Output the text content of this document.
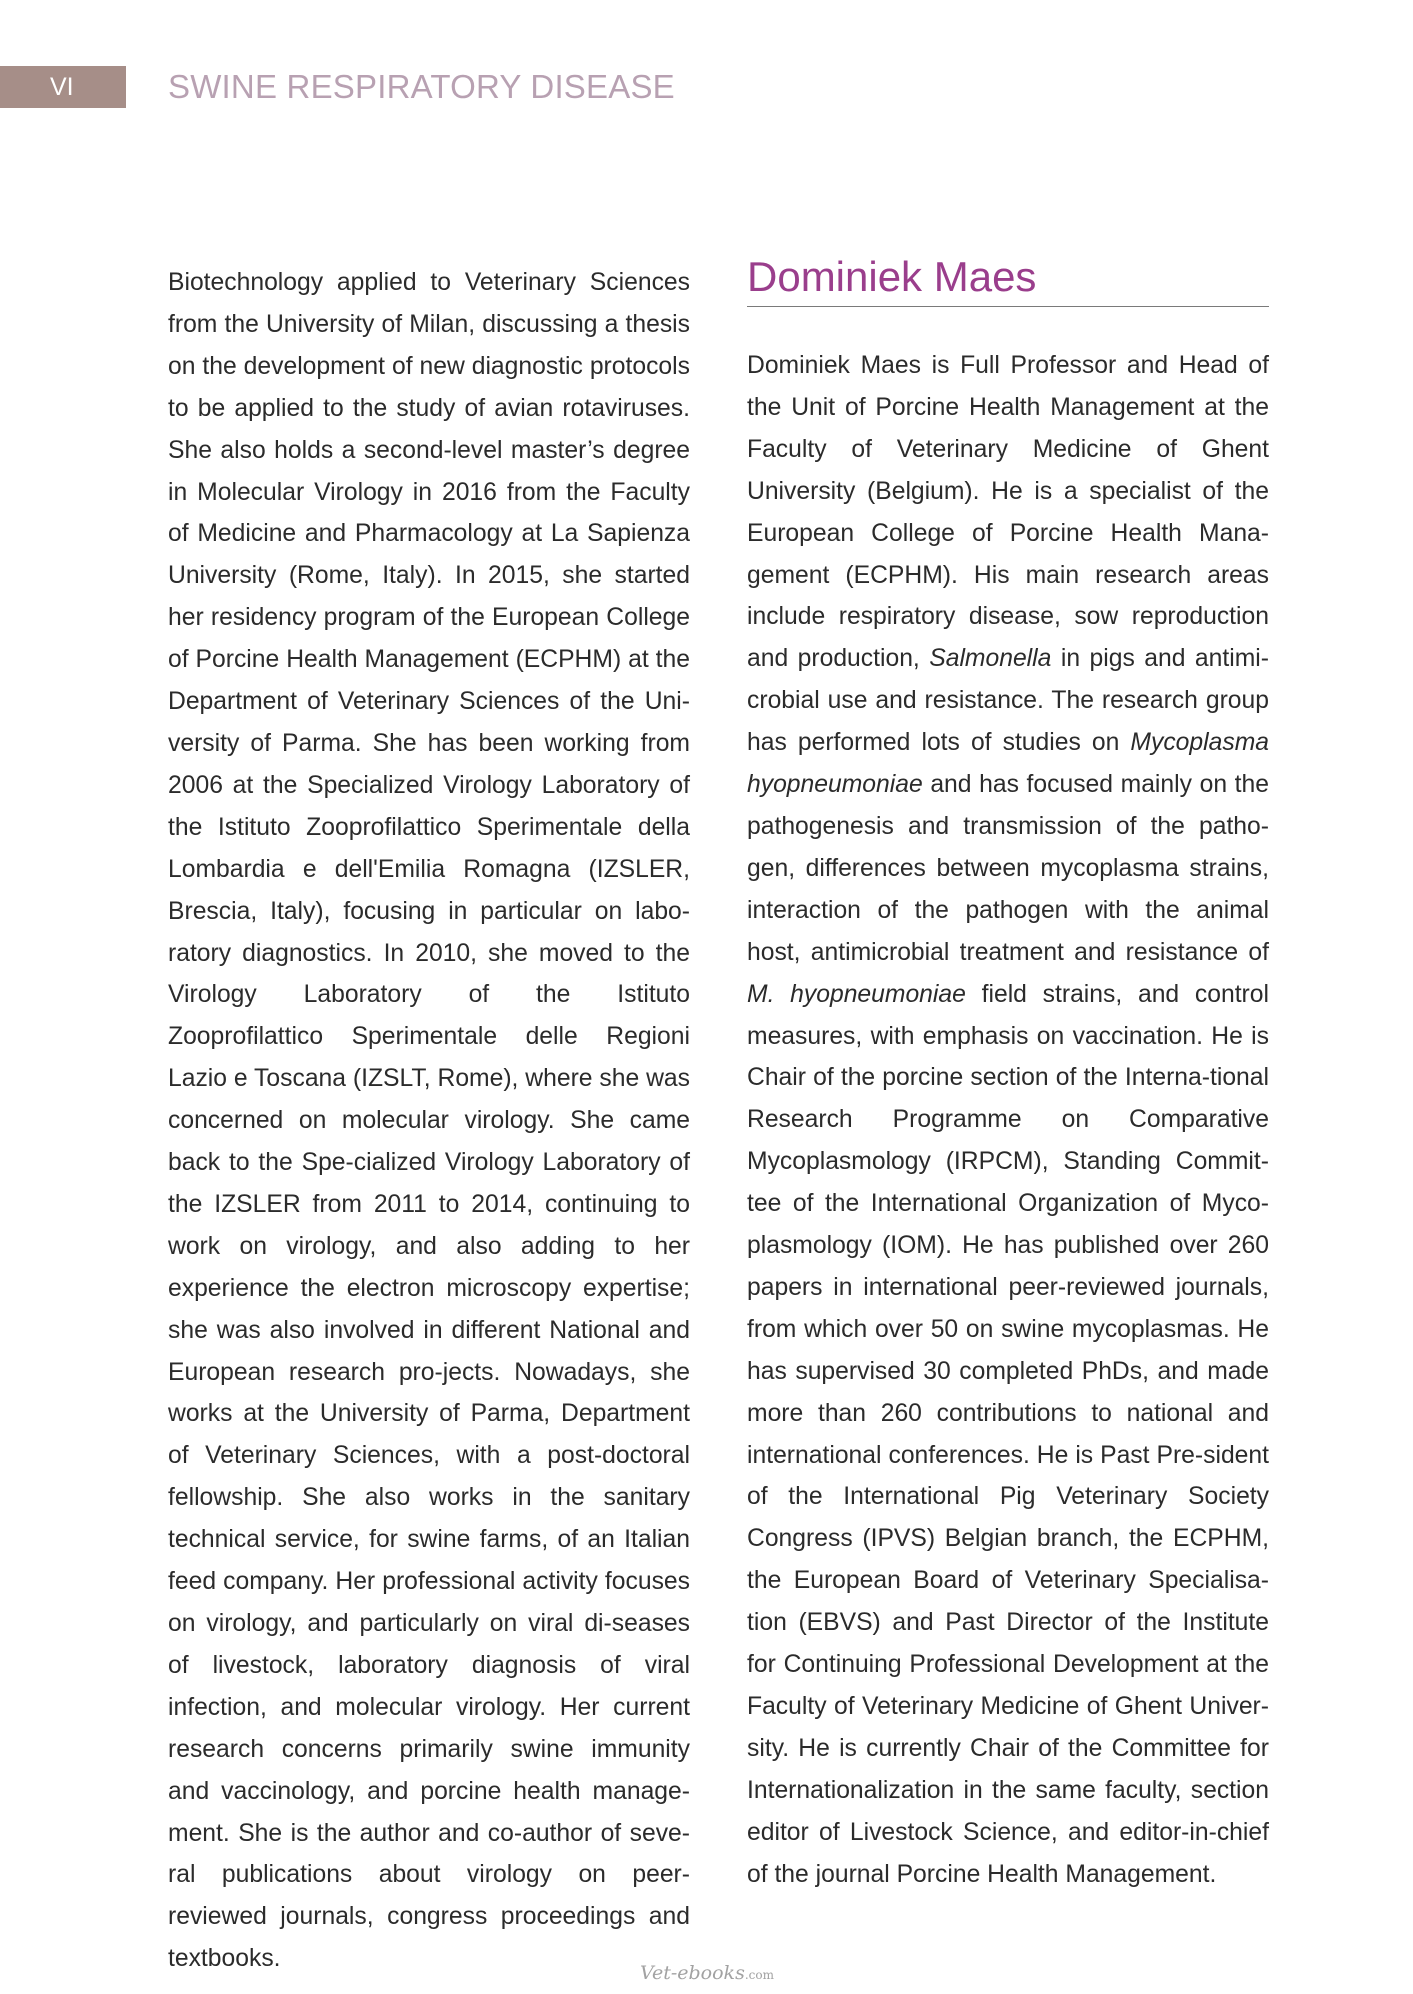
VI	SWINE RESPIRATORY DISEASE

Biotechnology applied to Veterinary Sciences from the University of Milan, discussing a thesis on the development of new diagnostic protocols to be applied to the study of avian rotaviruses. She also holds a second-level master’s degree in Molecular Virology in 2016 from the Faculty of Medicine and Pharmacology at La Sapienza University (Rome, Italy). In 2015, she started her residency program of the European College of Porcine Health Management (ECPHM) at the Department of Veterinary Sciences of the Uni-versity of Parma. She has been working from 2006 at the Specialized Virology Laboratory of the Istituto Zooprofilattico Sperimentale della Lombardia e dell'Emilia Romagna (IZSLER, Brescia, Italy), focusing in particular on labo-ratory diagnostics. In 2010, she moved to the Virology Laboratory of the Istituto Zooprofilattico Sperimentale delle Regioni Lazio e Toscana (IZSLT, Rome), where she was concerned on molecular virology. She came back to the Spe-cialized Virology Laboratory of the IZSLER from 2011 to 2014, continuing to work on virology, and also adding to her experience the electron microscopy expertise; she was also involved in different National and European research pro-jects. Nowadays, she works at the University of Parma, Department of Veterinary Sciences, with a post-doctoral fellowship. She also works in the sanitary technical service, for swine farms, of an Italian feed company. Her professional activity focuses on virology, and particularly on viral di-seases of livestock, laboratory diagnosis of viral infection, and molecular virology. Her current research concerns primarily swine immunity and vaccinology, and porcine health manage-ment. She is the author and co-author of seve-ral publications about virology on peer-reviewed journals, congress proceedings and textbooks.

Dominiek Maes

Dominiek Maes is Full Professor and Head of the Unit of Porcine Health Management at the Faculty of Veterinary Medicine of Ghent University (Belgium). He is a specialist of the European College of Porcine Health Mana-gement (ECPHM). His main research areas include respiratory disease, sow reproduction and production, Salmonella in pigs and antimi-crobial use and resistance. The research group has performed lots of studies on Mycoplasma hyopneumoniae and has focused mainly on the pathogenesis and transmission of the patho-gen, differences between mycoplasma strains, interaction of the pathogen with the animal host, antimicrobial treatment and resistance of M. hyopneumoniae field strains, and control measures, with emphasis on vaccination. He is Chair of the porcine section of the Interna-tional Research Programme on Comparative Mycoplasmology (IRPCM), Standing Commit-tee of the International Organization of Myco-plasmology (IOM). He has published over 260 papers in international peer-reviewed journals, from which over 50 on swine mycoplasmas. He has supervised 30 completed PhDs, and made more than 260 contributions to national and international conferences. He is Past Pre-sident of the International Pig Veterinary Society Congress (IPVS) Belgian branch, the ECPHM, the European Board of Veterinary Specialisa-tion (EBVS) and Past Director of the Institute for Continuing Professional Development at the Faculty of Veterinary Medicine of Ghent Univer-sity. He is currently Chair of the Committee for Internationalization in the same faculty, section editor of Livestock Science, and editor-in-chief of the journal Porcine Health Management.

Vet-ebooks.com
